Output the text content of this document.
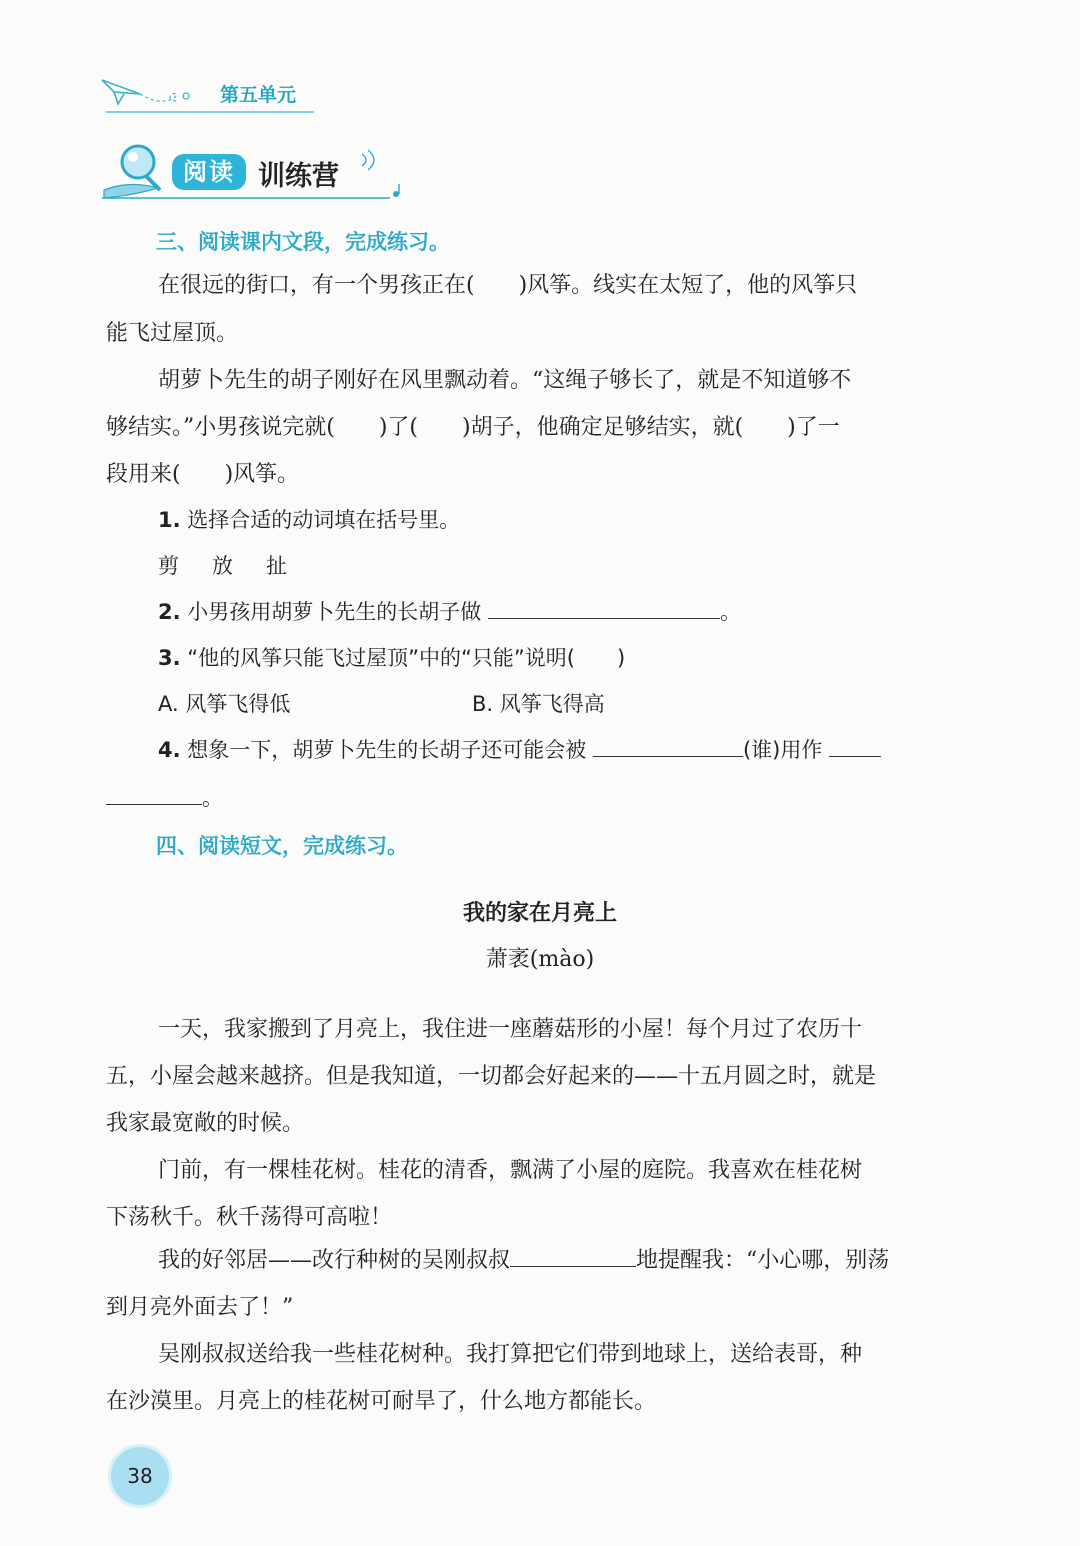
第五单元
阅读 训练营
三、阅读课内文段，完成练习。
在很远的街口，有一个男孩正在(　　)风筝。线实在太短了，他的风筝只
能飞过屋顶。
胡萝卜先生的胡子刚好在风里飘动着。“这绳子够长了，就是不知道够不
够结实。”小男孩说完就(　　)了(　　)胡子，他确定足够结实，就(　　)了一
段用来(　　)风筝。
1. 选择合适的动词填在括号里。
剪　放　扯
2. 小男孩用胡萝卜先生的长胡子做	。
3. “他的风筝只能飞过屋顶”中的“只能”说明(　　)
A. 风筝飞得低	B. 风筝飞得高
4. 想象一下，胡萝卜先生的长胡子还可能会被	(谁)用作
。
四、阅读短文，完成练习。
我的家在月亮上
萧袤(mào)
一天，我家搬到了月亮上，我住进一座蘑菇形的小屋！每个月过了农历十
五，小屋会越来越挤。但是我知道，一切都会好起来的——十五月圆之时，就是
我家最宽敞的时候。
门前，有一棵桂花树。桂花的清香，飘满了小屋的庭院。我喜欢在桂花树
下荡秋千。秋千荡得可高啦！
我的好邻居——改行种树的吴刚叔叔	地提醒我：“小心哪，别荡
到月亮外面去了！”
吴刚叔叔送给我一些桂花树种。我打算把它们带到地球上，送给表哥，种
在沙漠里。月亮上的桂花树可耐旱了，什么地方都能长。
38
